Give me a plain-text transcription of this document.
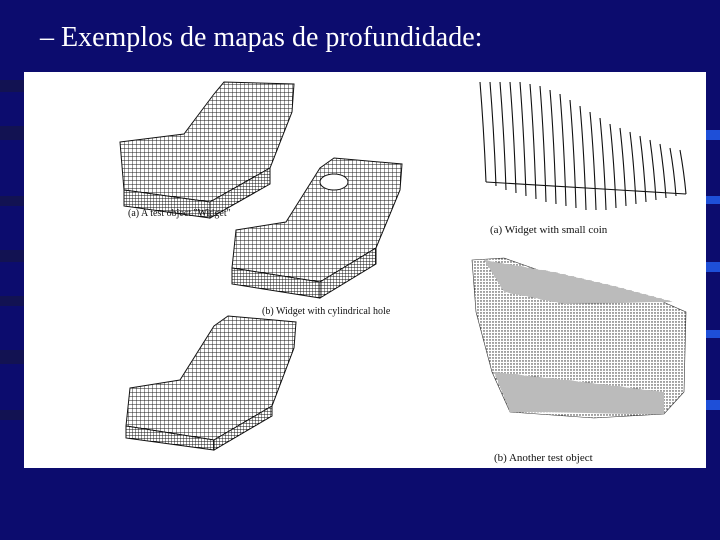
– Exemplos de mapas de profundidade:
(a) A test object "Widget"
(b) Widget with cylindrical hole
(a) Widget with small coin
(b) Another test object
